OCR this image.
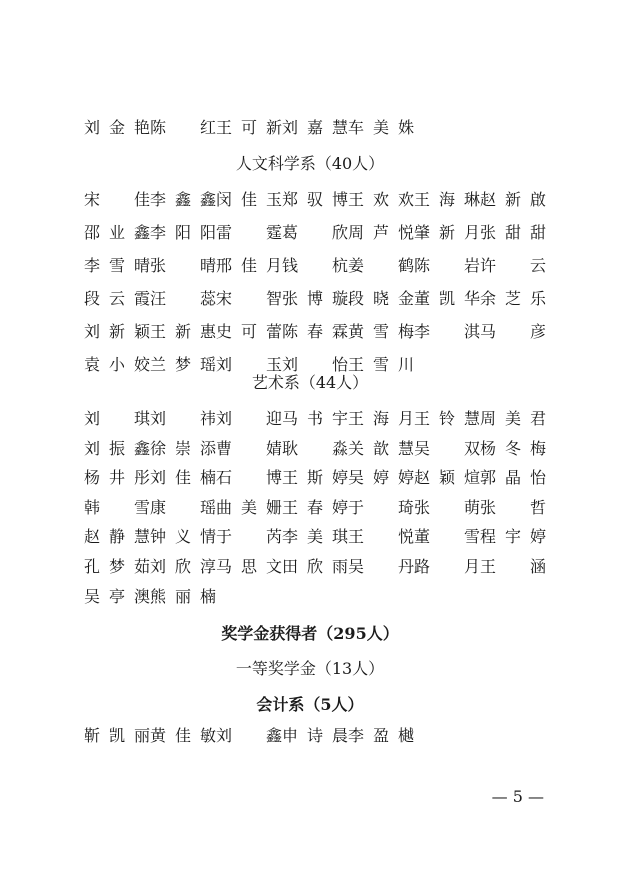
刘 金 艳 陈 红 王 可 新 刘 嘉 慧 车 美 姝
人文科学系（40人）
宋 佳 李 鑫 鑫 闵 佳 玉 郑 驭 博 王 欢 欢 王 海 琳 赵 新 啟
邵 业 鑫 李 阳 阳 雷 霆 葛 欣 周 芦 悦 肇 新 月 张 甜 甜
李 雪 晴 张 晴 邢 佳 月 钱 杭 姜 鹤 陈 岩 许 云
段 云 霞 汪 蕊 宋 智 张 博 璇 段 晓 金 董 凯 华 余 芝 乐
刘 新 颖 王 新 惠 史 可 蕾 陈 春 霖 黄 雪 梅 李 淇 马 彦
袁 小 姣 兰 梦 瑶 刘 玉 刘 怡 王 雪 川
艺术系（44人）
刘 琪 刘 祎 刘 迎 马 书 宇 王 海 月 王 铃 慧 周 美 君
刘 振 鑫 徐 崇 添 曹 婧 耿 淼 关 歆 慧 吴 双 杨 冬 梅
杨 井 彤 刘 佳 楠 石 博 王 斯 婷 吴 婷 婷 赵 颖 煊 郭 晶 怡
韩 雪 康 瑶 曲 美 姗 王 春 婷 于 琦 张 萌 张 哲
赵 静 慧 钟 义 情 于 芮 李 美 琪 王 悦 董 雪 程 宇 婷
孔 梦 茹 刘 欣 淳 马 思 文 田 欣 雨 吴 丹 路 月 王 涵
吴 亭 澳 熊 丽 楠
奖学金获得者（295人）
一等奖学金（13人）
会计系（5人）
靳 凯 丽 黄 佳 敏 刘 鑫 申 诗 晨 李 盈 樾
— 5 —
